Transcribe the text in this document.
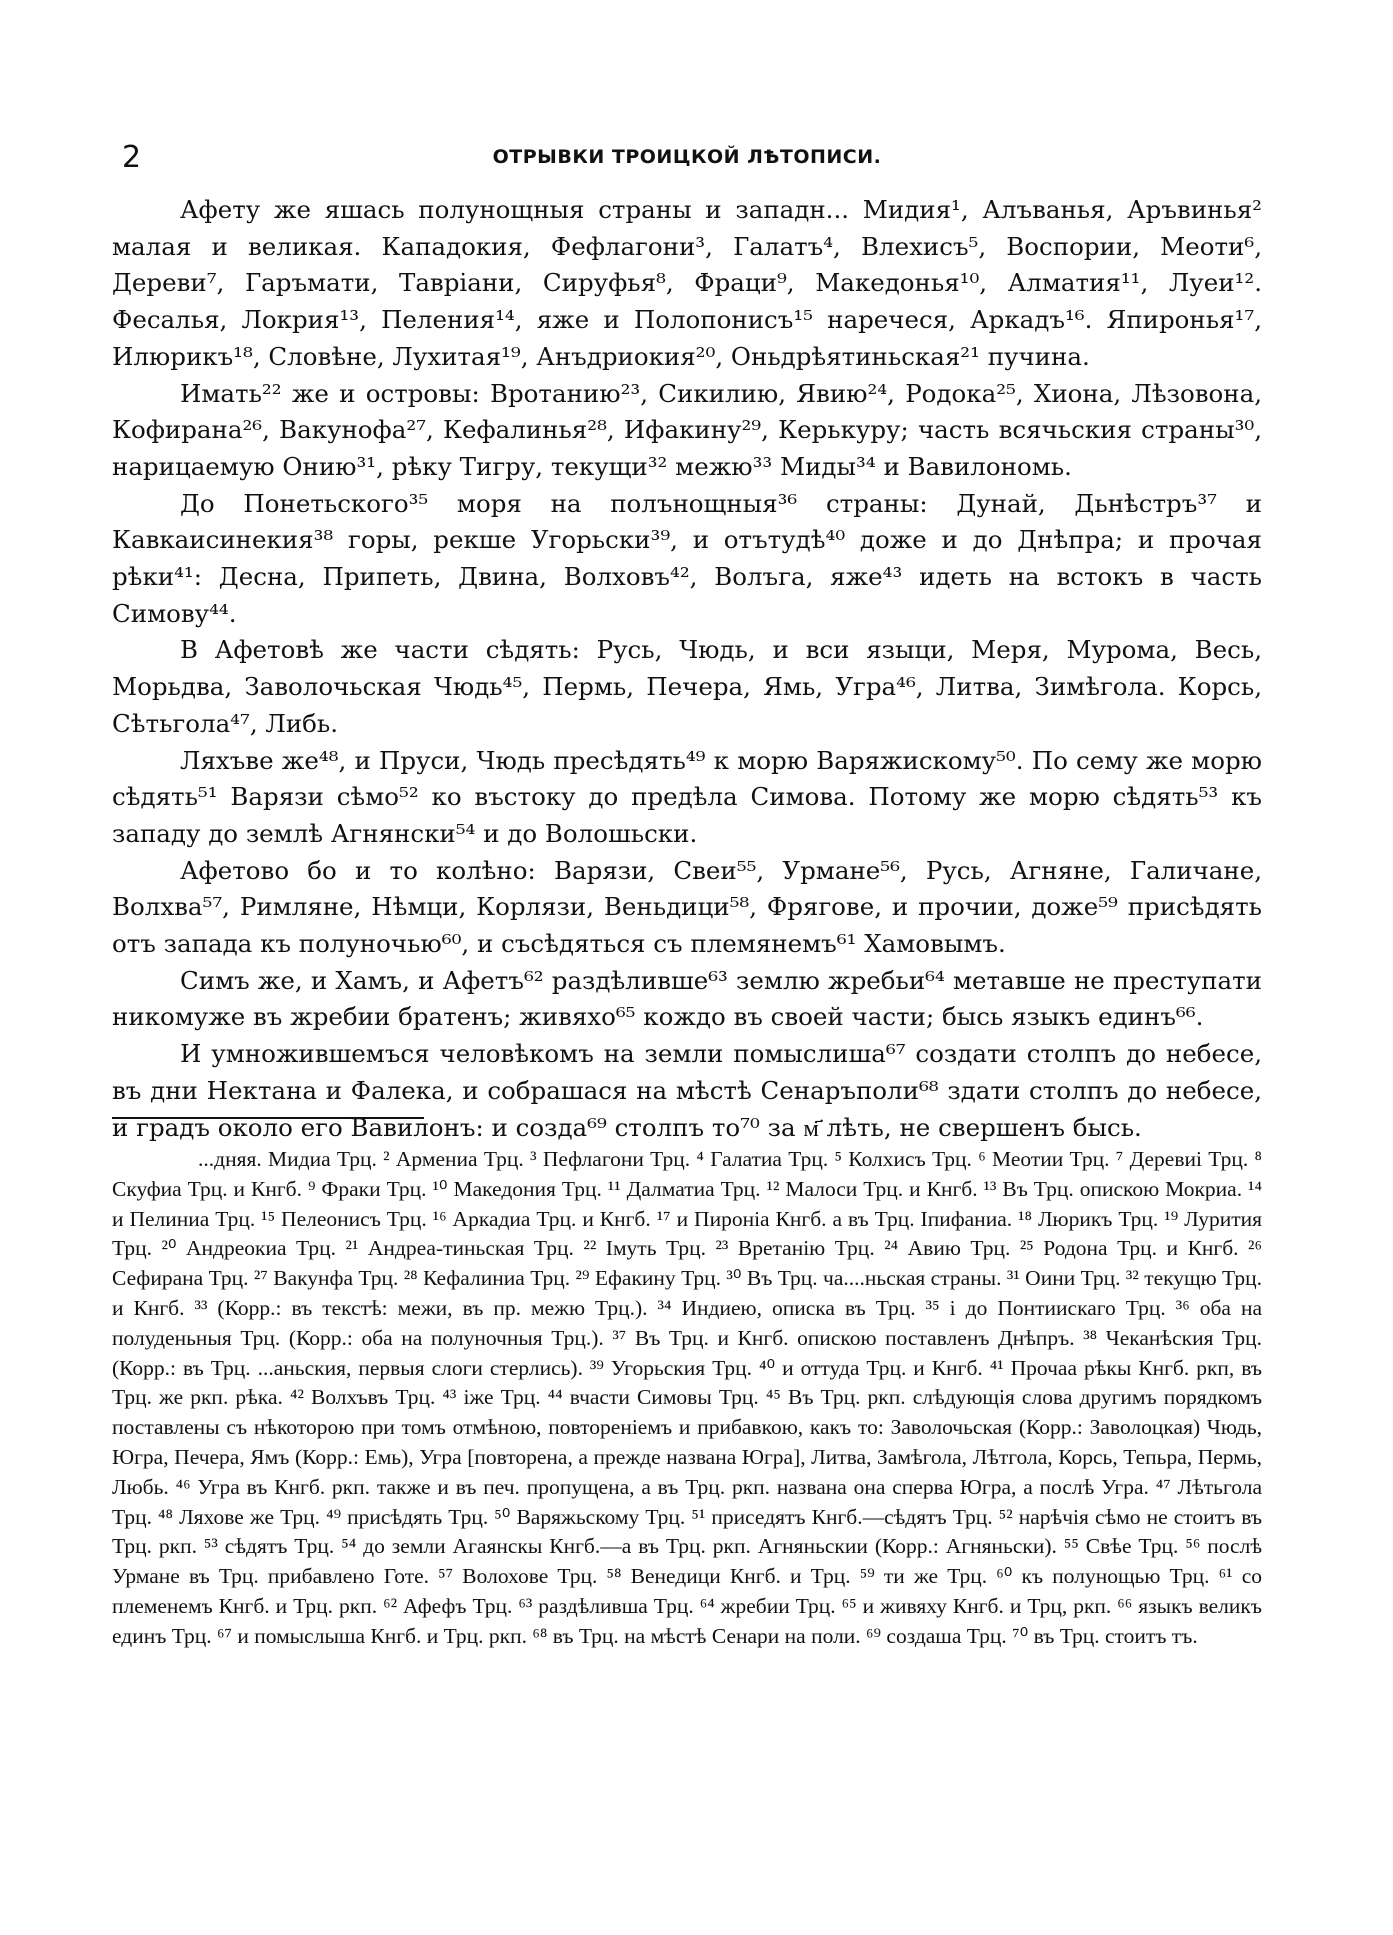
2	ОТРЫВКИ ТРОИЦКОЙ ЛѢТОПИСИ.

Афету же яшась полунощныя страны и западн... Мидия¹, Алъванья, Аръвинья² малая и великая. Кападокия, Фефлагони³, Галатъ⁴, Влехисъ⁵, Воспории, Меоти⁶, Дереви⁷, Гаръмати, Тавріани, Сируфья⁸, Фраци⁹, Македонья¹⁰, Алматия¹¹, Луеи¹². Фесалья, Локрия¹³, Пеления¹⁴, яже и Полопонисъ¹⁵ наречеся, Аркадъ¹⁶. Япиронья¹⁷, Илюрикъ¹⁸, Словѣне, Лухитая¹⁹, Анъдриокия²⁰, Оньдрѣятиньская²¹ пучина.

Имать²² же и островы: Вротанию²³, Сикилию, Явию²⁴, Родока²⁵, Хиона, Лѣзовона, Кофирана²⁶, Вакунофа²⁷, Кефалинья²⁸, Ифакину²⁹, Керькуру; часть всячьския страны³⁰, нарицаемую Онию³¹, рѣку Тигру, текущи³² межю³³ Миды³⁴ и Вавилономь.

До Понетьского³⁵ моря на полънощныя³⁶ страны: Дунай, Дьнѣстръ³⁷ и Кавкаисинекия³⁸ горы, рекше Угорьски³⁹, и отътудѣ⁴⁰ доже и до Днѣпра; и прочая рѣки⁴¹: Десна, Припеть, Двина, Волховъ⁴², Волъга, яже⁴³ идеть на встокъ в часть Симову⁴⁴.

В Афетовѣ же части сѣдять: Русь, Чюдь, и вси языци, Меря, Мурома, Весь, Морьдва, Заволочьская Чюдь⁴⁵, Пермь, Печера, Ямь, Угра⁴⁶, Литва, Зимѣгола. Корсь, Сѣтьгола⁴⁷, Либь.

Ляхъве же⁴⁸, и Пруси, Чюдь пресѣдять⁴⁹ к морю Варяжискому⁵⁰. По сему же морю сѣдять⁵¹ Варязи сѣмо⁵² ко въстоку до предѣла Симова. Потому же морю сѣдять⁵³ къ западу до землѣ Агнянски⁵⁴ и до Волошьски.

Афетово бо и то колѣно: Варязи, Свеи⁵⁵, Урмане⁵⁶, Русь, Агняне, Галичане, Волхва⁵⁷, Римляне, Нѣмци, Корлязи, Веньдици⁵⁸, Фрягове, и прочии, доже⁵⁹ присѣдять отъ запада къ полуночью⁶⁰, и съсѣдяться съ племянемъ⁶¹ Хамовымъ.

Симъ же, и Хамъ, и Афетъ⁶² раздѣливше⁶³ землю жребьи⁶⁴ метавше не преступати никомуже въ жребии братенъ; живяхо⁶⁵ кождо въ своей части; бысь языкъ единъ⁶⁶.

И умножившемъся человѣкомъ на земли помыслиша⁶⁷ создати столпъ до небесе, въ дни Нектана и Фалека, и собрашася на мѣстѣ Сенаръполи⁶⁸ здати столпъ до небесе, и градъ около его Вавилонъ: и созда⁶⁹ столпъ то⁷⁰ за м҃ лѣть, не свершенъ бысь.

...дняя. Мидиа Трц. ² Армениа Трц. ³ Пефлагони Трц. ⁴ Галатиа Трц. ⁵ Колхисъ Трц. ⁶ Меотии Трц. ⁷ Деревиі Трц. ⁸ Скуфиа Трц. и Кнгб. ⁹ Фраки Трц. ¹⁰ Македония Трц. ¹¹ Далматиа Трц. ¹² Малоси Трц. и Кнгб. ¹³ Въ Трц. опискою Мокриа. ¹⁴ и Пелиниа Трц. ¹⁵ Пелеонисъ Трц. ¹⁶ Аркадиа Трц. и Кнгб. ¹⁷ и Пироніа Кнгб. а въ Трц. Іпифаниа. ¹⁸ Люрикъ Трц. ¹⁹ Лурития Трц. ²⁰ Андреокиа Трц. ²¹ Андреа-тиньская Трц. ²² Імуть Трц. ²³ Вретанію Трц. ²⁴ Авию Трц. ²⁵ Родона Трц. и Кнгб. ²⁶ Сефирана Трц. ²⁷ Вакунфа Трц. ²⁸ Кефалиниа Трц. ²⁹ Ефакину Трц. ³⁰ Въ Трц. ча....ньская страны. ³¹ Оини Трц. ³² текущю Трц. и Кнгб. ³³ (Корр.: въ текстѣ: межи, въ пр. межю Трц.). ³⁴ Индиею, описка въ Трц. ³⁵ і до Понтиискаго Трц. ³⁶ оба на полуденьныя Трц. (Корр.: оба на полуночныя Трц.). ³⁷ Въ Трц. и Кнгб. опискою поставленъ Днѣпръ. ³⁸ Чеканѣския Трц. (Корр.: въ Трц. ...аньския, первыя слоги стерлись). ³⁹ Угорьския Трц. ⁴⁰ и оттуда Трц. и Кнгб. ⁴¹ Прочаа рѣкы Кнгб. ркп, въ Трц. же ркп. рѣка. ⁴² Волхъвъ Трц. ⁴³ іже Трц. ⁴⁴ вчасти Симовы Трц. ⁴⁵ Въ Трц. ркп. слѣдующія слова другимъ порядкомъ поставлены съ нѣкоторою при томъ отмѣною, повтореніемъ и прибавкою, какъ то: Заволочьская (Корр.: Заволоцкая) Чюдь, Югра, Печера, Ямъ (Корр.: Емь), Угра [повторена, а прежде названа Югра], Литва, Замѣгола, Лѣтгола, Корсь, Тепьра, Пермь, Любь. ⁴⁶ Угра въ Кнгб. ркп. также и въ печ. пропущена, а въ Трц. ркп. названа она сперва Югра, а послѣ Угра. ⁴⁷ Лѣтьгола Трц. ⁴⁸ Ляхове же Трц. ⁴⁹ присѣдять Трц. ⁵⁰ Варяжьскому Трц. ⁵¹ приседятъ Кнгб.—сѣдятъ Трц. ⁵² нарѣчія сѣмо не стоитъ въ Трц. ркп. ⁵³ сѣдятъ Трц. ⁵⁴ до земли Агаянскы Кнгб.—а въ Трц. ркп. Агняньскии (Корр.: Агняньски). ⁵⁵ Свѣе Трц. ⁵⁶ послѣ Урмане въ Трц. прибавлено Готе. ⁵⁷ Волохове Трц. ⁵⁸ Венедици Кнгб. и Трц. ⁵⁹ ти же Трц. ⁶⁰ къ полунощью Трц. ⁶¹ со племенемъ Кнгб. и Трц. ркп. ⁶² Афефъ Трц. ⁶³ раздѣливша Трц. ⁶⁴ жребии Трц. ⁶⁵ и живяху Кнгб. и Трц, ркп. ⁶⁶ языкъ великъ единъ Трц. ⁶⁷ и помыслыша Кнгб. и Трц. ркп. ⁶⁸ въ Трц. на мѣстѣ Сенари на поли. ⁶⁹ создаша Трц. ⁷⁰ въ Трц. стоитъ тъ.
